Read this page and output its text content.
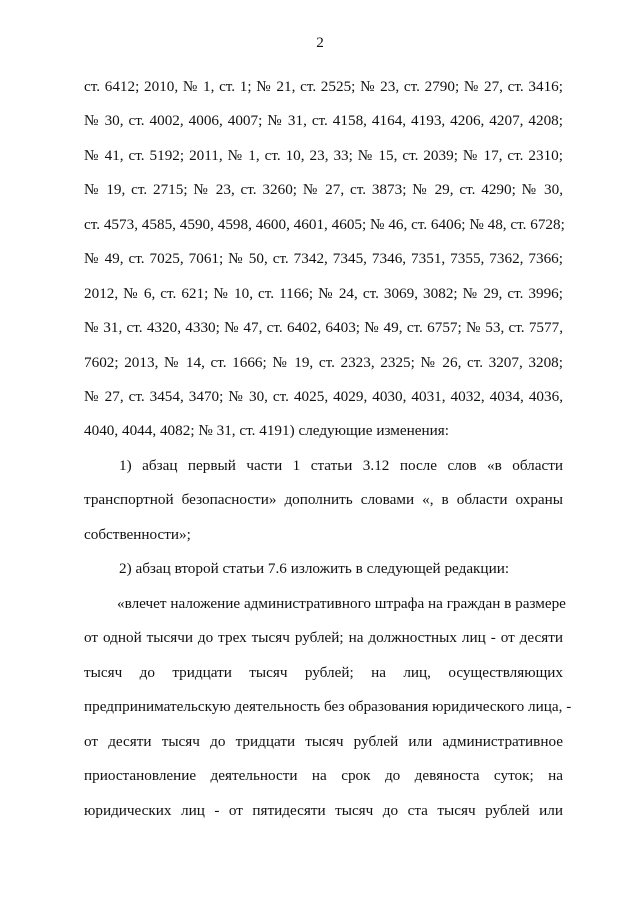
2
ст. 6412; 2010, № 1, ст. 1; № 21, ст. 2525; № 23, ст. 2790; № 27, ст. 3416;
№ 30, ст. 4002, 4006, 4007; № 31, ст. 4158, 4164, 4193, 4206, 4207, 4208;
№ 41, ст. 5192; 2011, № 1, ст. 10, 23, 33; № 15, ст. 2039; № 17, ст. 2310;
№ 19, ст. 2715; № 23, ст. 3260; № 27, ст. 3873; № 29, ст. 4290; № 30,
ст. 4573, 4585, 4590, 4598, 4600, 4601, 4605; № 46, ст. 6406; № 48, ст. 6728;
№ 49, ст. 7025, 7061; № 50, ст. 7342, 7345, 7346, 7351, 7355, 7362, 7366;
2012, № 6, ст. 621; № 10, ст. 1166; № 24, ст. 3069, 3082; № 29, ст. 3996;
№ 31, ст. 4320, 4330; № 47, ст. 6402, 6403; № 49, ст. 6757; № 53, ст. 7577,
7602; 2013, № 14, ст. 1666; № 19, ст. 2323, 2325; № 26, ст. 3207, 3208;
№ 27, ст. 3454, 3470; № 30, ст. 4025, 4029, 4030, 4031, 4032, 4034, 4036,
4040, 4044, 4082; № 31, ст. 4191) следующие изменения:
1) абзац первый части 1 статьи 3.12 после слов «в области
транспортной безопасности» дополнить словами «, в области охраны
собственности»;
2) абзац второй статьи 7.6 изложить в следующей редакции:
«влечет наложение административного штрафа на граждан в размере
от одной тысячи до трех тысяч рублей; на должностных лиц - от десяти
тысяч до тридцати тысяч рублей; на лиц, осуществляющих
предпринимательскую деятельность без образования юридического лица, -
от десяти тысяч до тридцати тысяч рублей или административное
приостановление деятельности на срок до девяноста суток; на
юридических лиц - от пятидесяти тысяч до ста тысяч рублей или
